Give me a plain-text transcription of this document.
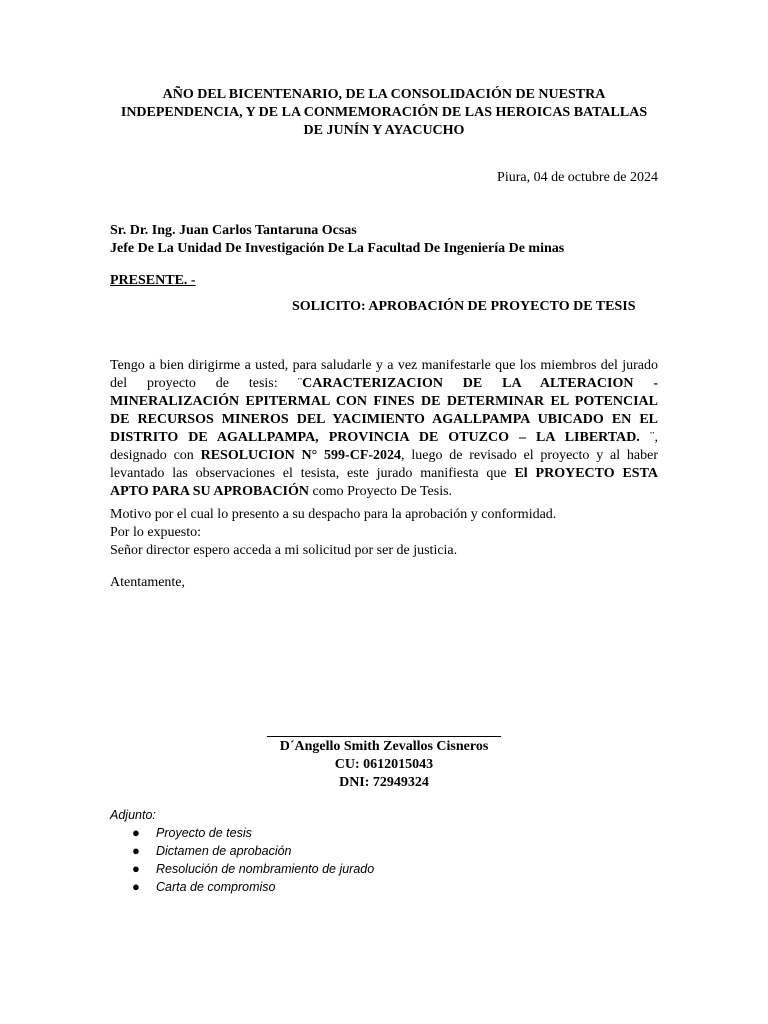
AÑO DEL BICENTENARIO, DE LA CONSOLIDACIÓN DE NUESTRA
INDEPENDENCIA, Y DE LA CONMEMORACIÓN DE LAS HEROICAS BATALLAS
DE JUNÍN Y AYACUCHO
Piura, 04 de octubre de 2024
Sr. Dr. Ing. Juan Carlos Tantaruna Ocsas
Jefe De La Unidad De Investigación De La Facultad De Ingeniería De minas
PRESENTE. -
SOLICITO: APROBACIÓN DE PROYECTO DE TESIS
Tengo a bien dirigirme a usted, para saludarle y a vez manifestarle que los miembros del jurado
del proyecto de tesis: ¨CARACTERIZACION DE LA ALTERACION -
MINERALIZACIÓN EPITERMAL CON FINES DE DETERMINAR EL POTENCIAL
DE RECURSOS MINEROS DEL YACIMIENTO AGALLPAMPA UBICADO EN EL
DISTRITO DE AGALLPAMPA, PROVINCIA DE OTUZCO – LA LIBERTAD. ¨,
designado con RESOLUCION N° 599-CF-2024, luego de revisado el proyecto y al haber
levantado las observaciones el tesista, este jurado manifiesta que El PROYECTO ESTA
APTO PARA SU APROBACIÓN como Proyecto De Tesis.
Motivo por el cual lo presento a su despacho para la aprobación y conformidad.
Por lo expuesto:
Señor director espero acceda a mi solicitud por ser de justicia.
Atentamente,
D´Angello Smith Zevallos Cisneros
CU: 0612015043
DNI: 72949324
Adjunto:
● Proyecto de tesis
● Dictamen de aprobación
● Resolución de nombramiento de jurado
● Carta de compromiso
